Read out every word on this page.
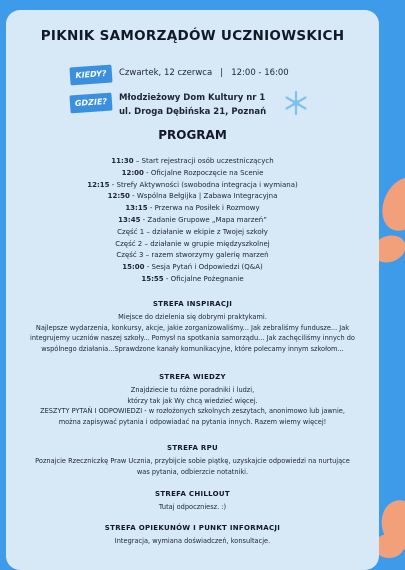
PIKNIK SAMORZĄDÓW UCZNIOWSKICH
KIEDY?	Czwartek, 12 czerwca   |   12:00 - 16:00
GDZIE?	Młodzieżowy Dom Kultury nr 1
ul. Droga Dębińska 21, Poznań
PROGRAM
11:30 – Start rejestracji osób uczestniczących
12:00 - Oficjalne Rozpoczęcie na Scenie
12:15 - Strefy Aktywności (swobodna integracja i wymiana)
12:50 - Wspólna Bełgijka | Zabawa Integracyjna
13:15 - Przerwa na Posiłek i Rozmowy
13:45 - Zadanie Grupowe „Mapa marzeń”
Część 1 – działanie w ekipie z Twojej szkoły
Część 2 – działanie w grupie międzyszkolnej
Część 3 – razem stworzymy galerię marzeń
15:00 - Sesja Pytań i Odpowiedzi (Q&A)
15:55 - Oficjalne Pożegnanie
STREFA INSPIRACJI
Miejsce do dzielenia się dobrymi praktykami.
Najlepsze wydarzenia, konkursy, akcje, jakie zorganizowaliśmy... Jak zebraliśmy fundusze... Jak
integrujemy uczniów naszej szkoły... Pomysł na spotkania samorządu... Jak zachęciliśmy innych do
wspólnego działania...Sprawdzone kanały komunikacyjne, które polecamy innym szkołom...
STREFA WIEDZY
Znajdziecie tu różne poradniki i ludzi,
którzy tak jak Wy chcą wiedzieć więcej.
ZESZYTY PYTAŃ I ODPOWIEDZI - w rozłożonych szkolnych zeszytach, anonimowo lub jawnie,
można zapisywać pytania i odpowiadać na pytania innych. Razem wiemy więcej!
STREFA RPU
Poznajcie Rzeczniczkę Praw Ucznia, przybijcie sobie piątkę, uzyskajcie odpowiedzi na nurtujące
was pytania, odbierzcie notatniki.
STREFA CHILLOUT
Tutaj odpoczniesz. :)
STREFA OPIEKUNÓW I PUNKT INFORMACJI
Integracja, wymiana doświadczeń, konsultacje.
